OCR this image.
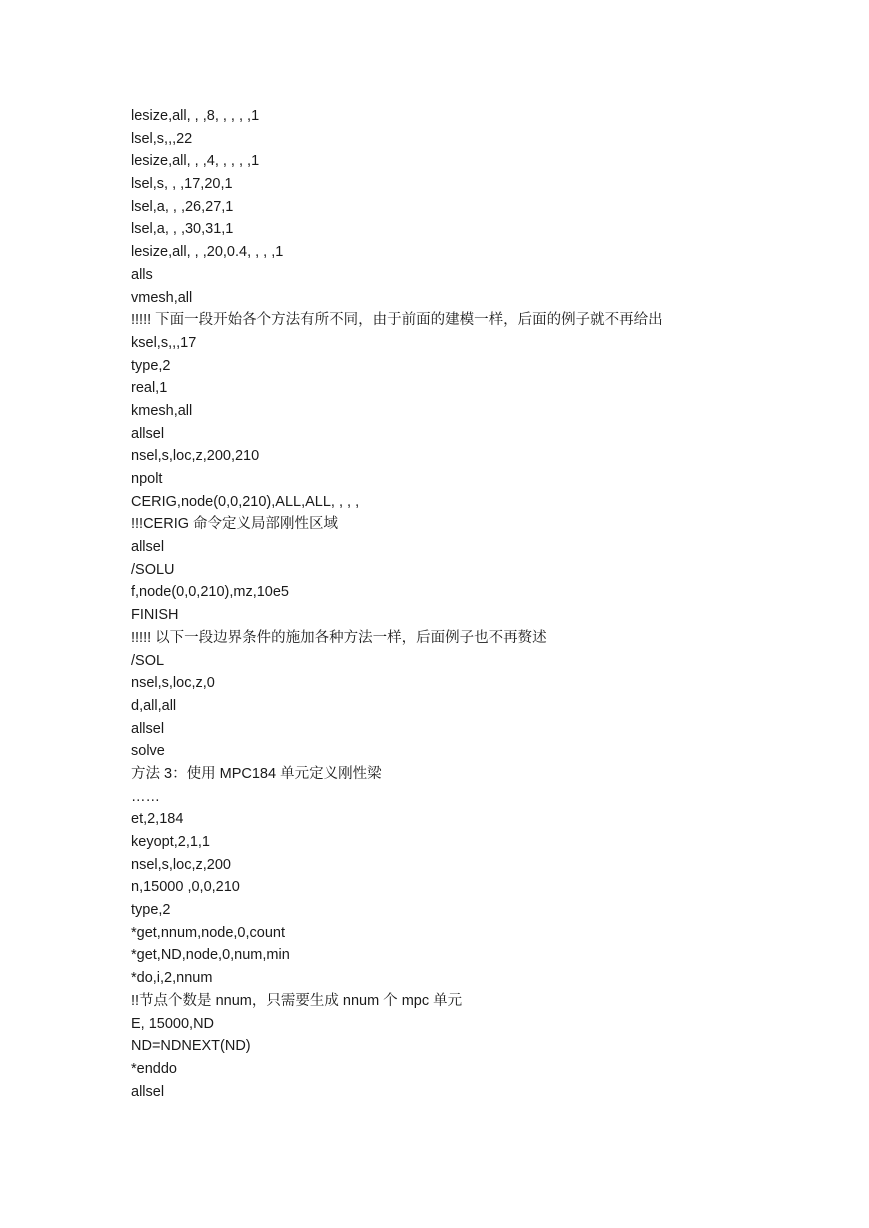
lesize,all, , ,8, , , , ,1
lsel,s,,,22
lesize,all, , ,4, , , , ,1
lsel,s, , ,17,20,1
lsel,a, , ,26,27,1
lsel,a, , ,30,31,1
lesize,all, , ,20,0.4, , , ,1
alls
vmesh,all
!!!!! 下面一段开始各个方法有所不同，由于前面的建模一样，后面的例子就不再给出
ksel,s,,,17
type,2
real,1
kmesh,all
allsel
nsel,s,loc,z,200,210
npolt
CERIG,node(0,0,210),ALL,ALL, , , ,
!!!CERIG 命令定义局部刚性区域
allsel
/SOLU
f,node(0,0,210),mz,10e5
FINISH
!!!!! 以下一段边界条件的施加各种方法一样，后面例子也不再赘述
/SOL
nsel,s,loc,z,0
d,all,all
allsel
solve
方法 3：使用 MPC184 单元定义刚性梁
……
et,2,184
keyopt,2,1,1
nsel,s,loc,z,200
n,15000 ,0,0,210
type,2
*get,nnum,node,0,count
*get,ND,node,0,num,min
*do,i,2,nnum
!!节点个数是 nnum，只需要生成 nnum 个 mpc 单元
E, 15000,ND
ND=NDNEXT(ND)
*enddo
allsel
